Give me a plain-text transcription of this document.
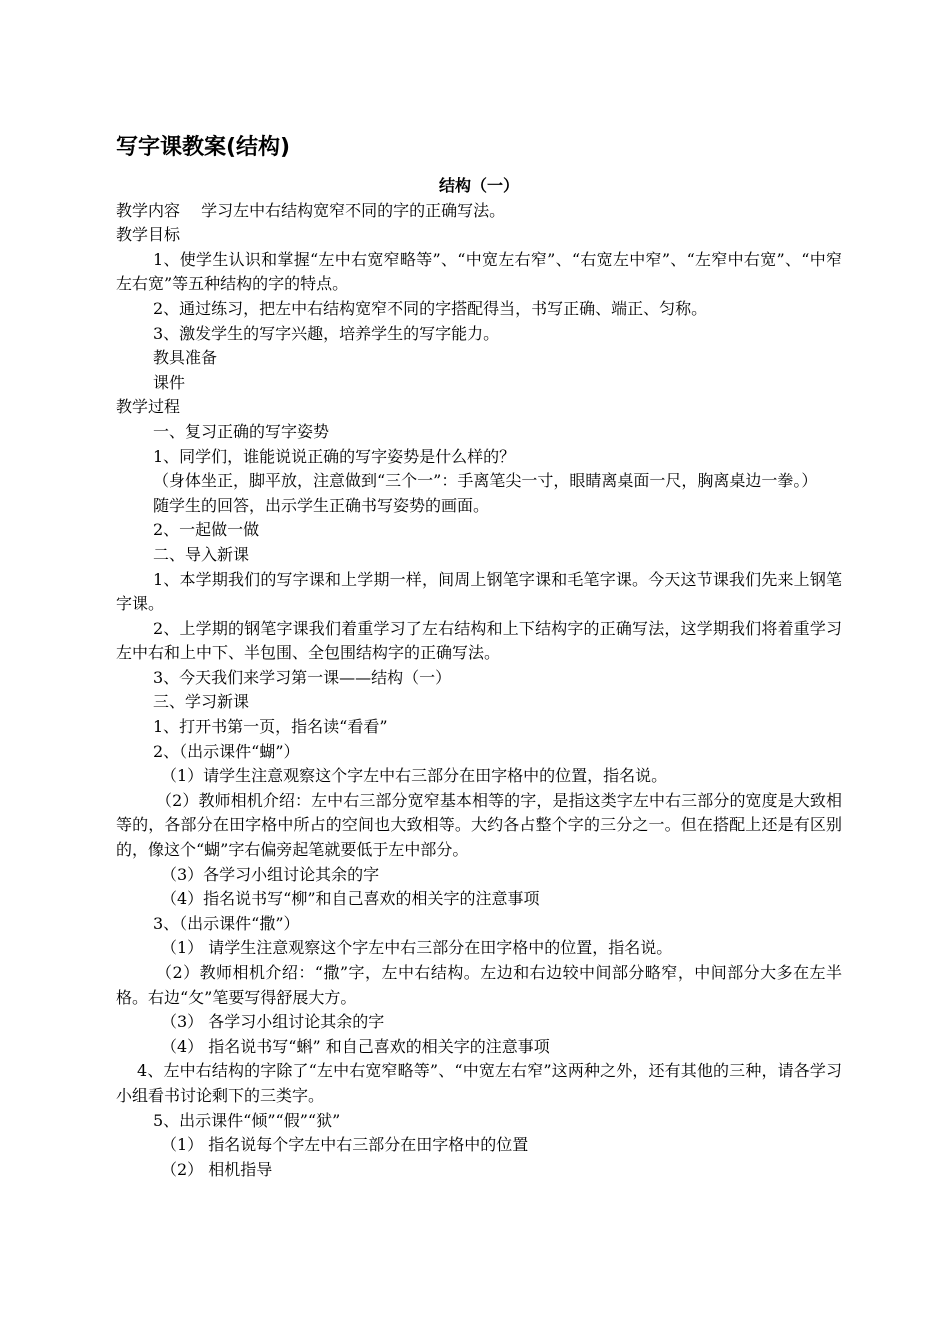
写字课教案(结构)

结构（一）

教学内容　 学习左中右结构宽窄不同的字的正确写法。

教学目标

1、使学生认识和掌握“左中右宽窄略等”、“中宽左右窄”、“右宽左中窄”、“左窄中右宽”、“中窄左右宽”等五种结构的字的特点。

2、通过练习，把左中右结构宽窄不同的字搭配得当，书写正确、端正、匀称。

3、激发学生的写字兴趣，培养学生的写字能力。

教具准备

课件

教学过程

一、复习正确的写字姿势

1、同学们，谁能说说正确的写字姿势是什么样的？

（身体坐正，脚平放，注意做到“三个一”：手离笔尖一寸，眼睛离桌面一尺，胸离桌边一拳。）

随学生的回答，出示学生正确书写姿势的画面。

2、一起做一做

二、导入新课

1、本学期我们的写字课和上学期一样，间周上钢笔字课和毛笔字课。今天这节课我们先来上钢笔字课。

2、上学期的钢笔字课我们着重学习了左右结构和上下结构字的正确写法，这学期我们将着重学习左中右和上中下、半包围、全包围结构字的正确写法。

3、今天我们来学习第一课——结构（一）

三、学习新课

1、打开书第一页，指名读“看看”

2、（出示课件“蝴”）

（1）请学生注意观察这个字左中右三部分在田字格中的位置，指名说。

（2）教师相机介绍：左中右三部分宽窄基本相等的字，是指这类字左中右三部分的宽度是大致相等的，各部分在田字格中所占的空间也大致相等。大约各占整个字的三分之一。但在搭配上还是有区别的，像这个“蝴”字右偏旁起笔就要低于左中部分。

（3）各学习小组讨论其余的字

（4）指名说书写“柳”和自己喜欢的相关字的注意事项

3、（出示课件“撒”）

（1） 请学生注意观察这个字左中右三部分在田字格中的位置，指名说。

（2）教师相机介绍：“撒”字，左中右结构。左边和右边较中间部分略窄，中间部分大多在左半格。右边“攵”笔要写得舒展大方。

（3） 各学习小组讨论其余的字

（4） 指名说书写“蝌” 和自己喜欢的相关字的注意事项

4、左中右结构的字除了“左中右宽窄略等”、“中宽左右窄”这两种之外，还有其他的三种，请各学习小组看书讨论剩下的三类字。

5、出示课件“倾”“假”“狱”

（1） 指名说每个字左中右三部分在田字格中的位置

（2） 相机指导
